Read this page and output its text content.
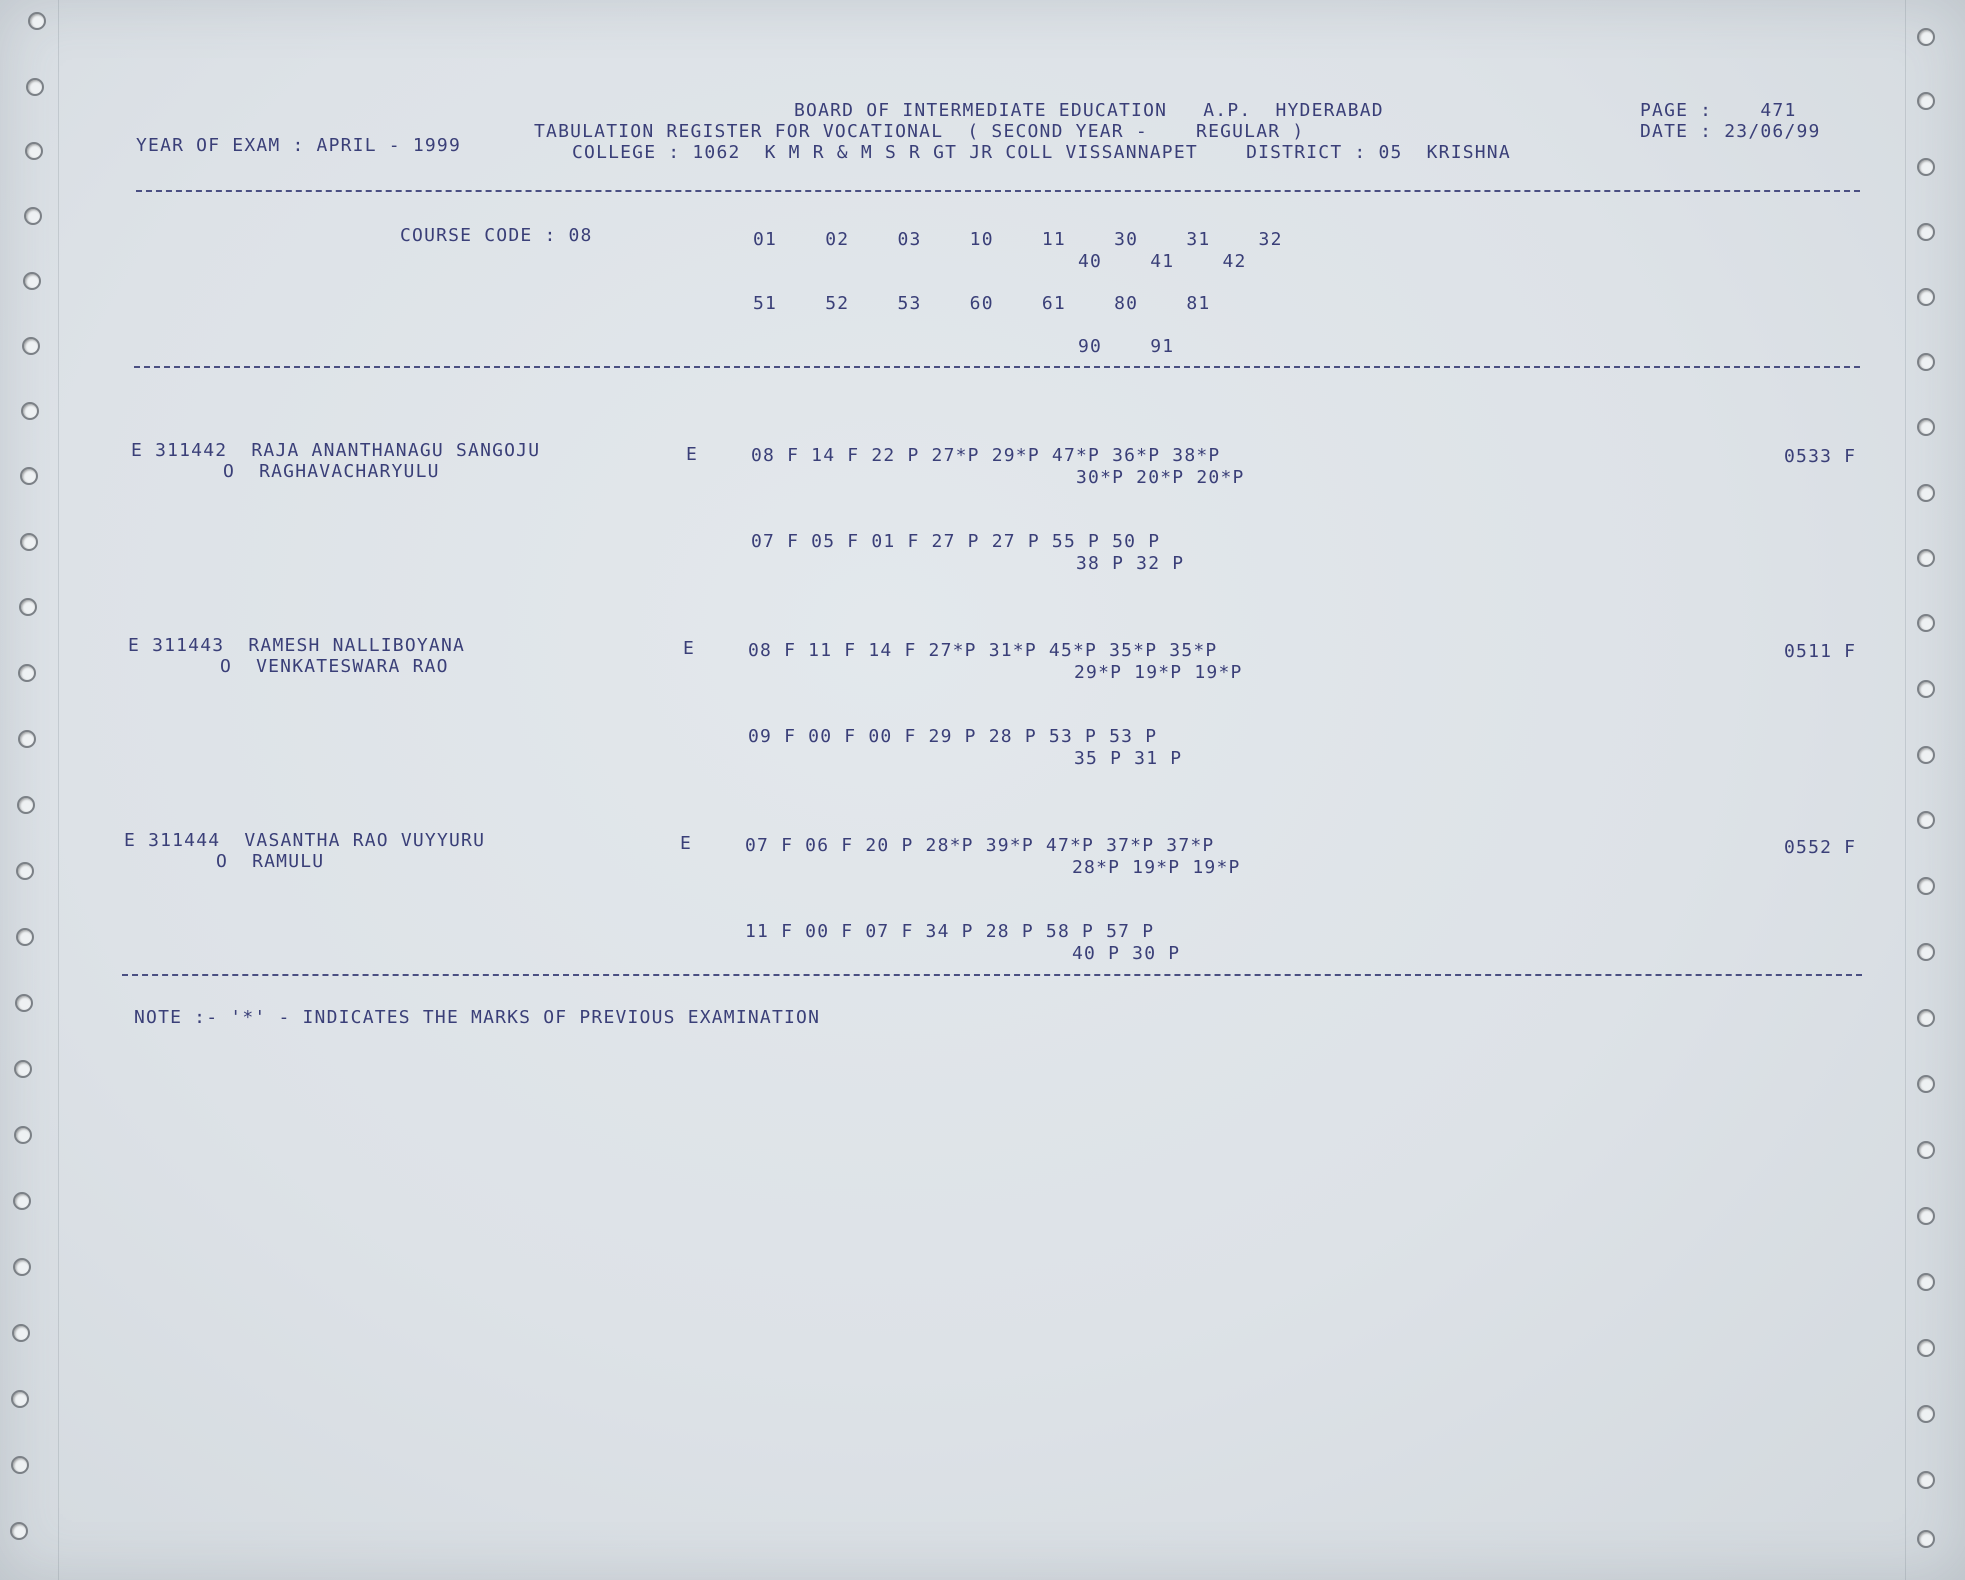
BOARD OF INTERMEDIATE EDUCATION   A.P.  HYDERABAD
TABULATION REGISTER FOR VOCATIONAL  ( SECOND YEAR -    REGULAR )
COLLEGE : 1062  K M R & M S R GT JR COLL VISSANNAPET    DISTRICT : 05  KRISHNA
YEAR OF EXAM : APRIL - 1999
PAGE :    471
DATE : 23/06/99
COURSE CODE : 08	01    02    03    10    11    30    31    32
40    41    42
51    52    53    60    61    80    81
90    91
E 311442  RAJA ANANTHANAGU SANGOJU
O  RAGHAVACHARYULU
E	08 F 14 F 22 P 27*P 29*P 47*P 36*P 38*P
30*P 20*P 20*P
07 F 05 F 01 F 27 P 27 P 55 P 50 P
38 P 32 P
0533 F
E 311443  RAMESH NALLIBOYANA
O  VENKATESWARA RAO
E	08 F 11 F 14 F 27*P 31*P 45*P 35*P 35*P
29*P 19*P 19*P
09 F 00 F 00 F 29 P 28 P 53 P 53 P
35 P 31 P
0511 F
E 311444  VASANTHA RAO VUYYURU
O  RAMULU
E	07 F 06 F 20 P 28*P 39*P 47*P 37*P 37*P
28*P 19*P 19*P
11 F 00 F 07 F 34 P 28 P 58 P 57 P
40 P 30 P
0552 F
NOTE :- '*' - INDICATES THE MARKS OF PREVIOUS EXAMINATION
